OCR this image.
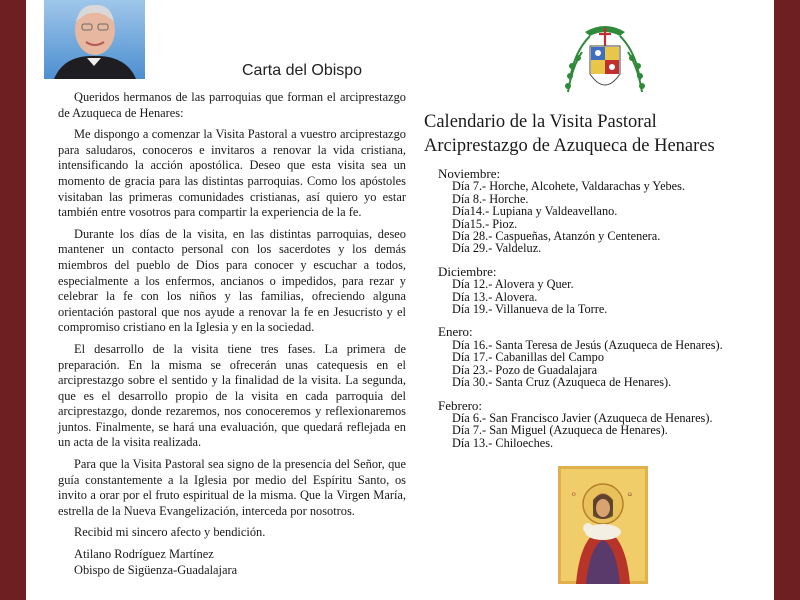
Carta del Obispo

Queridos hermanos de las parroquias que forman el arciprestazgo de Azuqueca de Henares:

Me dispongo a comenzar la Visita Pastoral a vuestro arciprestazgo para saludaros, conoceros e invitaros a renovar la vida cristiana, intensificando la acción apostólica. Deseo que esta visita sea un momento de gracia para las distintas parroquias. Como los apóstoles visitaban las primeras comunidades cristianas, así quiero yo estar también entre vosotros para compartir la experiencia de la fe.

Durante los días de la visita, en las distintas parroquias, deseo mantener un contacto personal con los sacerdotes y los demás miembros del pueblo de Dios para conocer y escuchar a todos, especialmente a los enfermos, ancianos o impedidos, para rezar y celebrar la fe con los niños y las familias, ofreciendo alguna orientación pastoral que nos ayude a renovar la fe en Jesucristo y el compromiso cristiano en la Iglesia y en la sociedad.

El desarrollo de la visita tiene tres fases. La primera de preparación. En la misma se ofrecerán unas catequesis en el arciprestazgo sobre el sentido y la finalidad de la visita. La segunda, que es el desarrollo propio de la visita en cada parroquia del arciprestazgo, donde rezaremos, nos conoceremos y reflexionaremos juntos. Finalmente, se hará una evaluación, que quedará reflejada en un acta de la visita realizada.

Para que la Visita Pastoral sea signo de la presencia del Señor, que guía constantemente a la Iglesia por medio del Espíritu Santo, os invito a orar por el fruto espiritual de la misma. Que la Virgen María, estrella de la Nueva Evangelización, interceda por nosotros.

Recibid mi sincero afecto y bendición.

Atilano Rodríguez Martínez
Obispo de Sigüenza-Guadalajara
Calendario de la Visita Pastoral
Arciprestazgo de Azuqueca de Henares
Noviembre:
Día 7.- Horche, Alcohete, Valdarachas y Yebes.
Día 8.- Horche.
Día14.- Lupiana y Valdeavellano.
Día15.- Pioz.
Día 28.- Caspueñas, Atanzón y Centenera.
Día 29.- Valdeluz.
Diciembre:
Día 12.- Alovera y Quer.
Día 13.- Alovera.
Día 19.- Villanueva de la Torre.
Enero:
Día 16.- Santa Teresa de Jesús (Azuqueca de Henares).
Día 17.- Cabanillas del Campo
Día 23.- Pozo de Guadalajara
Día 30.- Santa Cruz (Azuqueca de Henares).
Febrero:
Día 6.- San Francisco Javier (Azuqueca de Henares).
Día 7.- San Miguel (Azuqueca de Henares).
Día 13.- Chiloeches.
Ο	Ω
